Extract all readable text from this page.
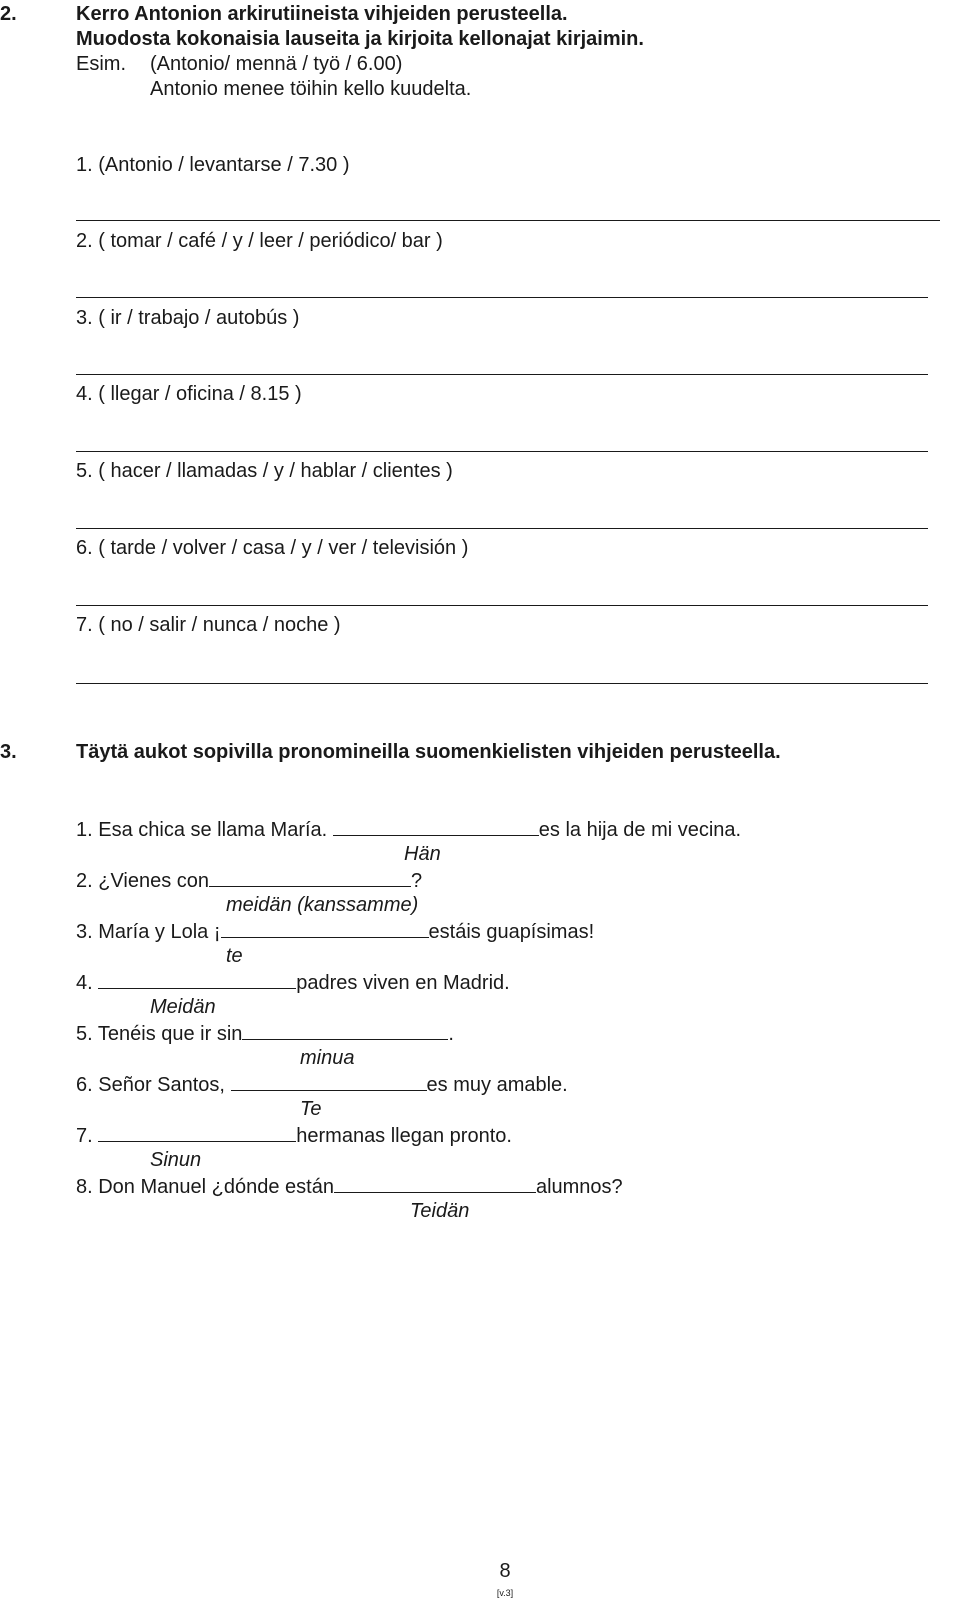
2.	Kerro Antonion arkirutiineista vihjeiden perusteella.
Muodosta kokonaisia lauseita ja kirjoita kellonajat kirjaimin.
Esim. (Antonio/ mennä / työ / 6.00)
Antonio menee töihin kello kuudelta.
1. (Antonio / levantarse / 7.30 )
2. ( tomar / café / y / leer / periódico/ bar )
3. ( ir / trabajo / autobús )
4. ( llegar / oficina / 8.15 )
5. ( hacer / llamadas / y / hablar / clientes )
6. ( tarde / volver / casa / y / ver / televisión )
7. ( no / salir / nunca / noche )
3.	Täytä aukot sopivilla pronomineilla suomenkielisten vihjeiden perusteella.
1. Esa chica se llama María.	es la hija de mi vecina.
Hän
2. ¿Vienes con	?
meidän (kanssamme)
3. María y Lola ¡	estáis guapísimas!
te
4.	padres viven en Madrid.
Meidän
5. Tenéis que ir sin	.
minua
6. Señor Santos,	es muy amable.
Te
7.	hermanas llegan pronto.
Sinun
8. Don Manuel ¿dónde están	alumnos?
Teidän
8
[v.3]
